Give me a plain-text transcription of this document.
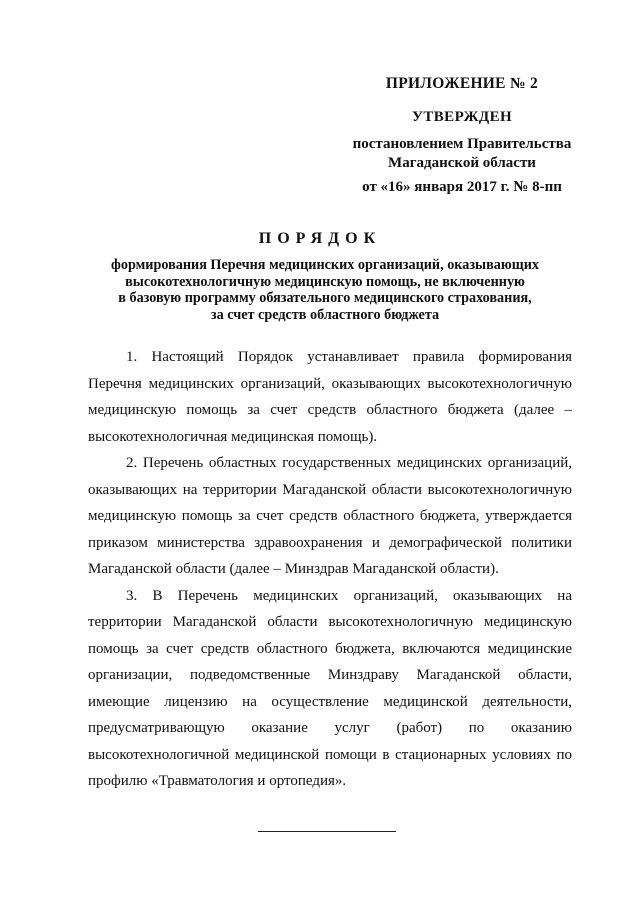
ПРИЛОЖЕНИЕ № 2
УТВЕРЖДЕН
постановлением Правительства
Магаданской области
от «16» января 2017 г. № 8-пп
ПОРЯДОК
формирования Перечня медицинских организаций, оказывающих
высокотехнологичную медицинскую помощь, не включенную
в базовую программу обязательного медицинского страхования,
за счет средств областного бюджета

1. Настоящий Порядок устанавливает правила формирования Перечня медицинских организаций, оказывающих высокотехнологичную медицинскую помощь за счет средств областного бюджета (далее – высокотехнологичная медицинская помощь).

2. Перечень областных государственных медицинских организаций, оказывающих на территории Магаданской области высокотехнологичную медицинскую помощь за счет средств областного бюджета, утверждается приказом министерства здравоохранения и демографической политики Магаданской области (далее – Минздрав Магаданской области).

3. В Перечень медицинских организаций, оказывающих на территории Магаданской области высокотехнологичную медицинскую помощь за счет средств областного бюджета, включаются медицинские организации, подведомственные Минздраву Магаданской области, имеющие лицензию на осуществление медицинской деятельности, предусматривающую оказание услуг (работ) по оказанию высокотехнологичной медицинской помощи в стационарных условиях по профилю «Травматология и ортопедия».
